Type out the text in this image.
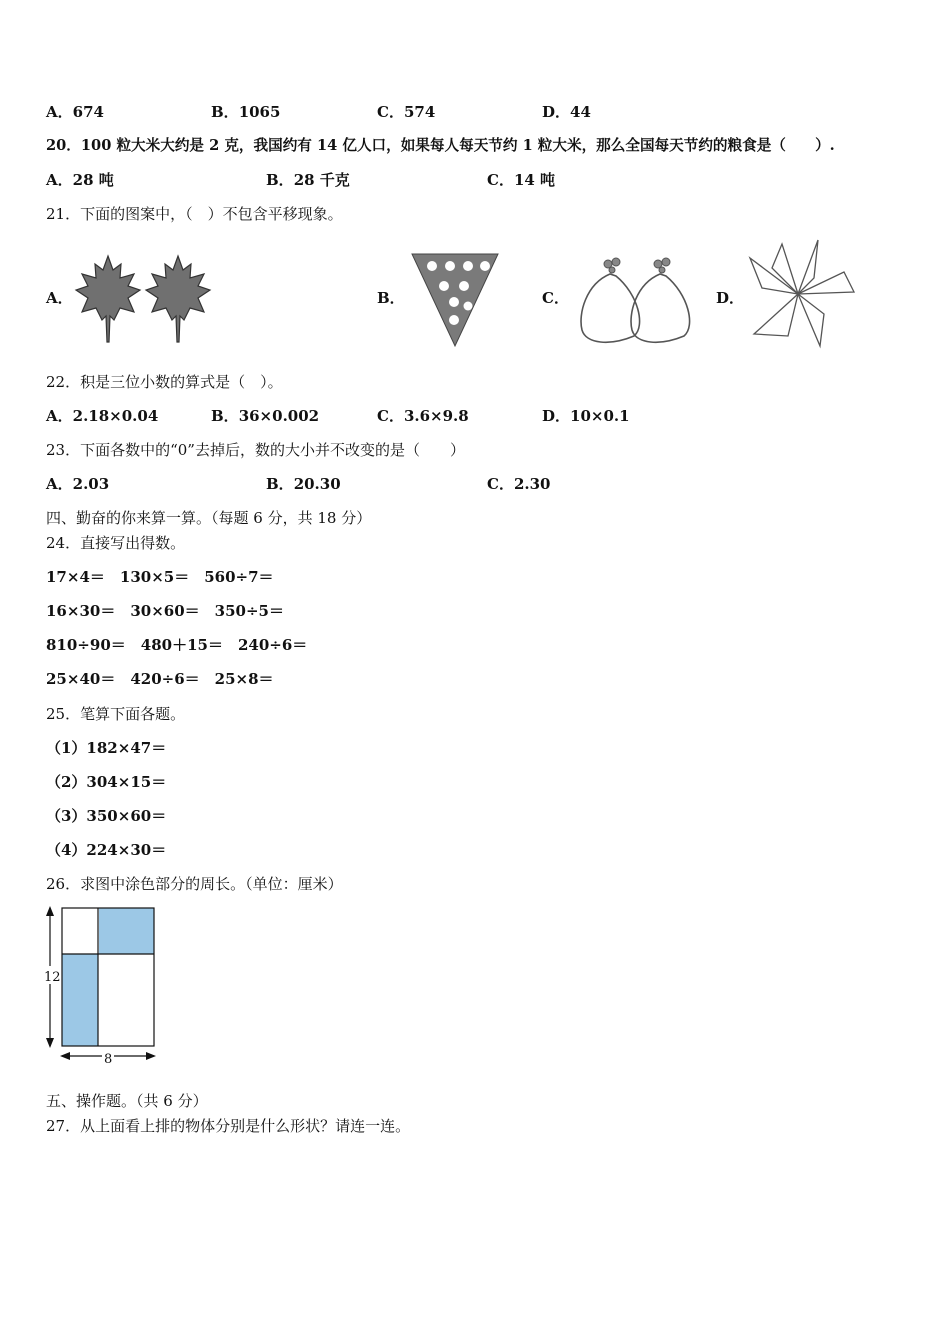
A．674	B．1065	C．574	D．44
20．100 粒大米大约是 2 克，我国约有 14 亿人口，如果每人每天节约 1 粒大米，那么全国每天节约的粮食是（　　）.
A．28 吨	B．28 千克	C．14 吨
21．下面的图案中，（　）不包含平移现象。
A．	B．	C．	D．
22．积是三位小数的算式是（　）。
A．2.18×0.04	B．36×0.002	C．3.6×9.8	D．10×0.1
23．下面各数中的“0”去掉后，数的大小并不改变的是（　　）
A．2.03	B．20.30	C．2.30
四、勤奋的你来算一算。（每题 6 分，共 18 分）
24．直接写出得数。
17×4＝　130×5＝　560÷7＝
16×30＝　30×60＝　350÷5＝
810÷90＝　480＋15＝　240÷6＝
25×40＝　420÷6＝　25×8＝
25．笔算下面各题。
（1）182×47＝
（2）304×15＝
（3）350×60＝
（4）224×30＝
26．求图中涂色部分的周长。（单位：厘米）
12
8
五、操作题。（共 6 分）
27．从上面看上排的物体分别是什么形状？请连一连。
